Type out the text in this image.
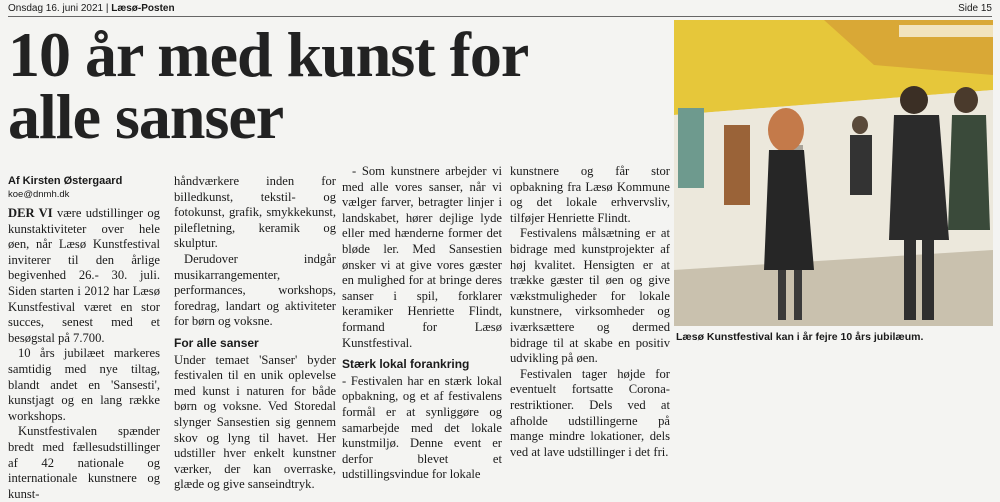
Onsdag 16. juni 2021 | Læsø-Posten	Side 15
10 år med kunst for
alle sanser
Af Kirsten Østergaard
koe@dnmh.dk

DER VI være udstillinger og kunstaktiviteter over hele øen, når Læsø Kunstfestival inviterer til den årlige begivenhed 26.- 30. juli. Siden starten i 2012 har Læsø Kunstfestival været en stor succes, senest med et besøgstal på 7.700.

10 års jubilæet markeres samtidig med nye tiltag, blandt andet en 'Sansesti', kunstjagt og en lang række workshops.

Kunstfestivalen spænder bredt med fællesudstillinger af 42 nationale og internationale kunstnere og kunst-

håndværkere inden for billedkunst, tekstil- og fotokunst, grafik, smykkekunst, pilefletning, keramik og skulptur.

Derudover indgår musikarrangementer, performances, workshops, foredrag, landart og aktiviteter for børn og voksne.

For alle sanser

Under temaet 'Sanser' byder festivalen til en unik oplevelse med kunst i naturen for både børn og voksne. Ved Storedal slynger Sansestien sig gennem skov og lyng til havet. Her udstiller hver enkelt kunstner værker, der kan overraske, glæde og give sanseindtryk.

- Som kunstnere arbejder vi med alle vores sanser, når vi vælger farver, betragter linjer i landskabet, hører dejlige lyde eller med hænderne former det bløde ler. Med Sansestien ønsker vi at give vores gæster en mulighed for at bringe deres sanser i spil, forklarer keramiker Henriette Flindt, formand for Læsø Kunstfestival.

Stærk lokal forankring

- Festivalen har en stærk lokal opbakning, og et af festivalens formål er at synliggøre og samarbejde med det lokale kunstmiljø. Denne event er derfor blevet et udstillingsvindue for lokale

kunstnere og får stor opbakning fra Læsø Kommune og det lokale erhvervsliv, tilføjer Henriette Flindt.

Festivalens målsætning er at bidrage med kunstprojekter af høj kvalitet. Hensigten er at trække gæster til øen og give vækstmuligheder for lokale kunstnere, virksomheder og iværksættere og dermed bidrage til at skabe en positiv udvikling på øen.

Festivalen tager højde for eventuelt fortsatte Corona-restriktioner. Dels ved at afholde udstillingerne på mange mindre lokationer, dels ved at lave udstillinger i det fri.

Læsø Kunstfestival kan i år fejre 10 års jubilæum.
